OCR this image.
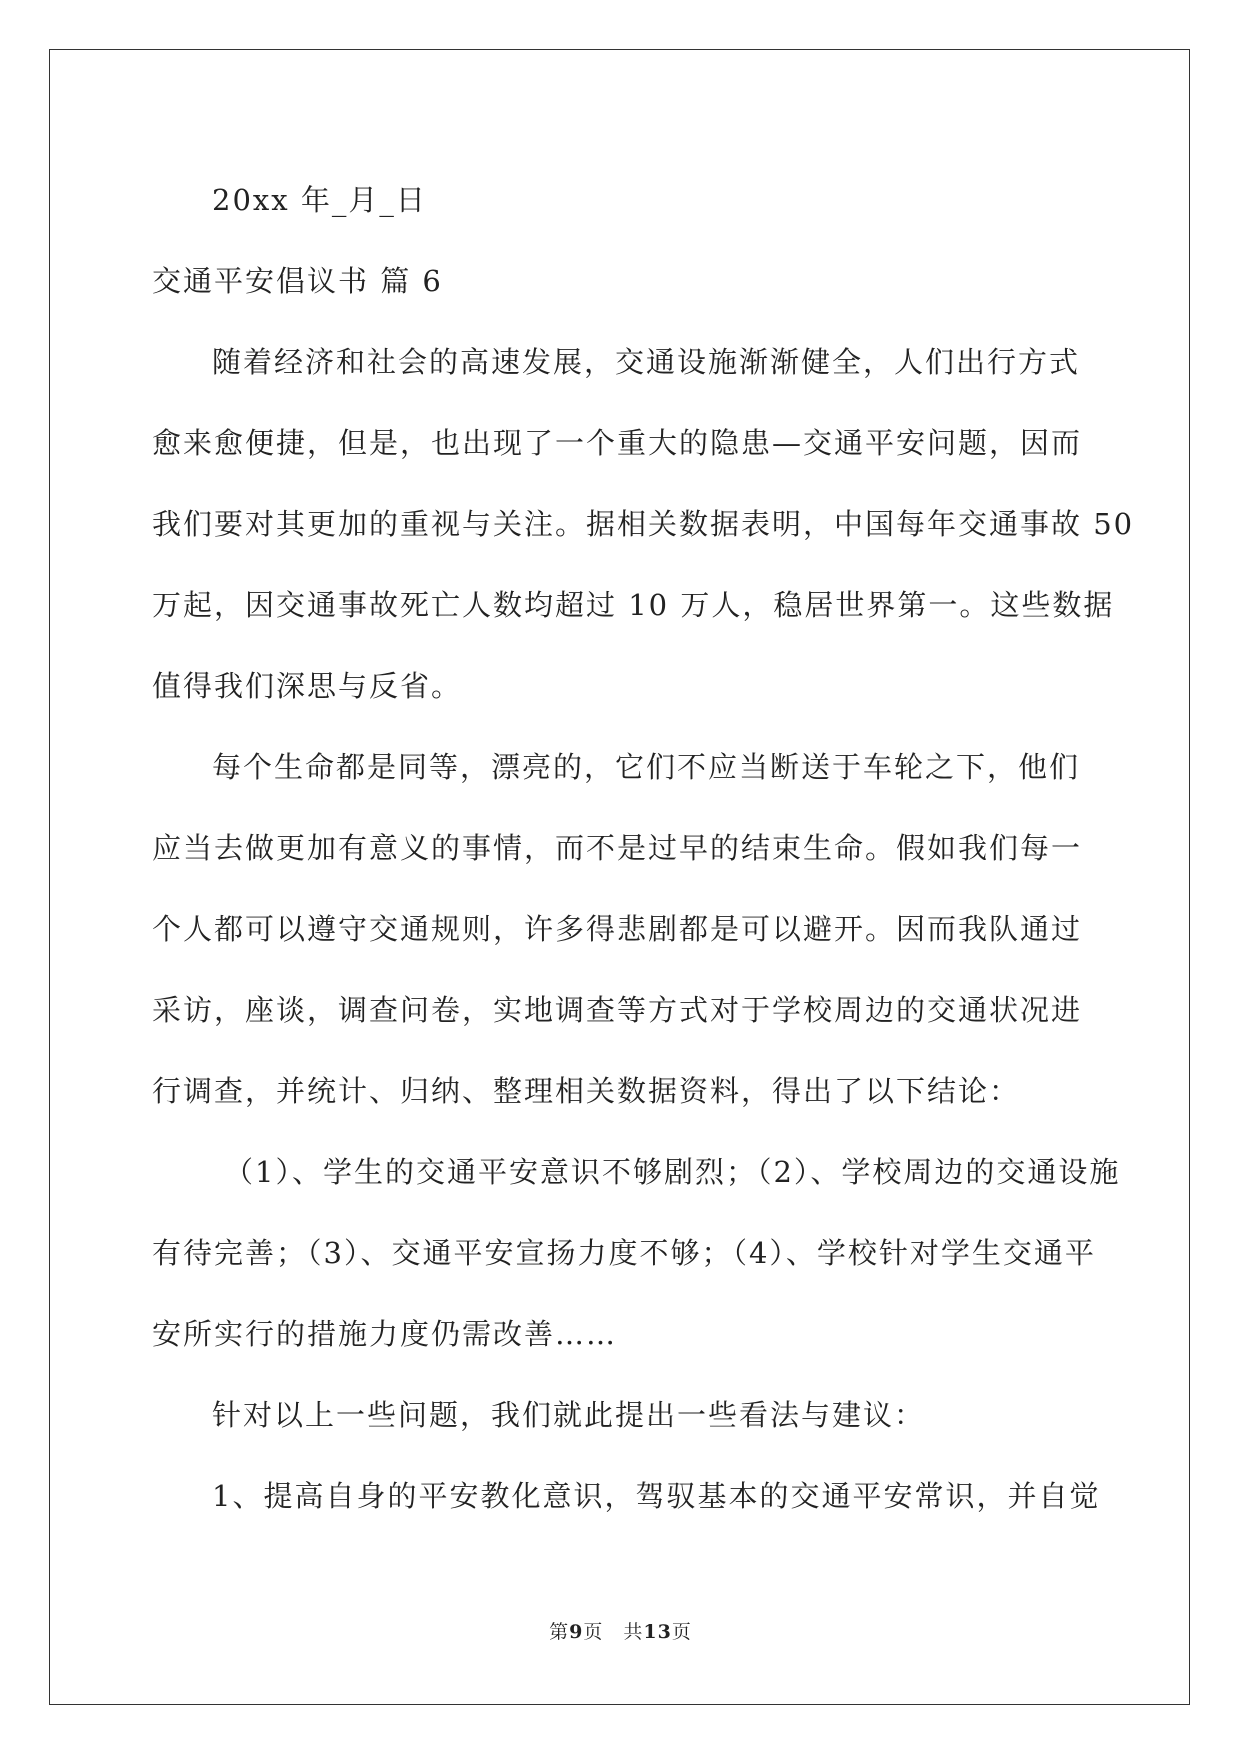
20xx 年_月_日
交通平安倡议书 篇 6
随着经济和社会的高速发展，交通设施渐渐健全，人们出行方式
愈来愈便捷，但是，也出现了一个重大的隐患—交通平安问题，因而
我们要对其更加的重视与关注。据相关数据表明，中国每年交通事故 50
万起，因交通事故死亡人数均超过 10 万人，稳居世界第一。这些数据
值得我们深思与反省。
每个生命都是同等，漂亮的，它们不应当断送于车轮之下，他们
应当去做更加有意义的事情，而不是过早的结束生命。假如我们每一
个人都可以遵守交通规则，许多得悲剧都是可以避开。因而我队通过
采访，座谈，调查问卷，实地调查等方式对于学校周边的交通状况进
行调查，并统计、归纳、整理相关数据资料，得出了以下结论：
（1）、学生的交通平安意识不够剧烈；（2）、学校周边的交通设施
有待完善；（3）、交通平安宣扬力度不够；（4）、学校针对学生交通平
安所实行的措施力度仍需改善……
针对以上一些问题，我们就此提出一些看法与建议：
1、提高自身的平安教化意识，驾驭基本的交通平安常识，并自觉
第9页　共13页
